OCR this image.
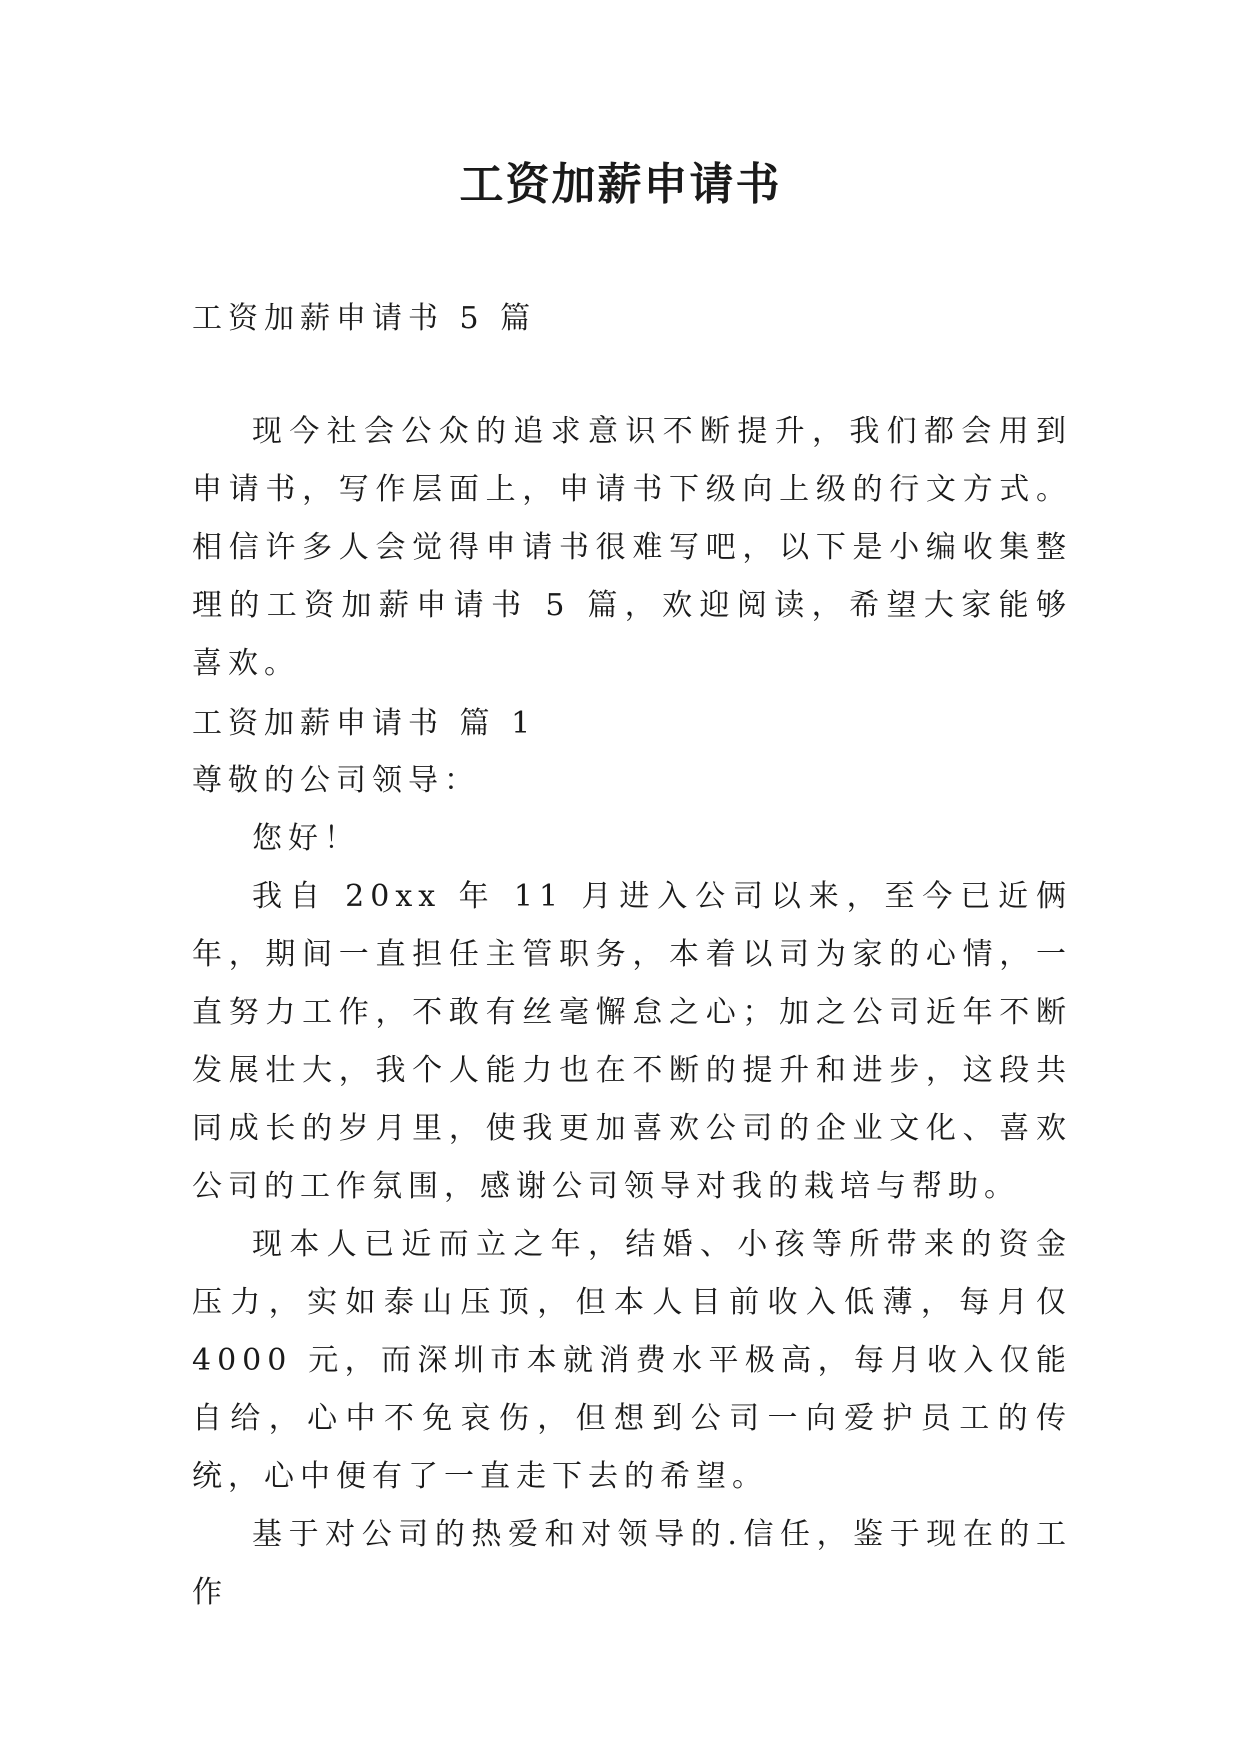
工资加薪申请书

工资加薪申请书 5 篇

现今社会公众的追求意识不断提升，我们都会用到申请书，写作层面上，申请书下级向上级的行文方式。相信许多人会觉得申请书很难写吧，以下是小编收集整理的工资加薪申请书 5 篇，欢迎阅读，希望大家能够喜欢。

工资加薪申请书 篇 1

尊敬的公司领导：

您好！

我自 20xx 年 11 月进入公司以来，至今已近俩年，期间一直担任主管职务，本着以司为家的心情，一直努力工作，不敢有丝毫懈怠之心；加之公司近年不断发展壮大，我个人能力也在不断的提升和进步，这段共同成长的岁月里，使我更加喜欢公司的企业文化、喜欢公司的工作氛围，感谢公司领导对我的栽培与帮助。

现本人已近而立之年，结婚、小孩等所带来的资金压力，实如泰山压顶，但本人目前收入低薄，每月仅 4000 元，而深圳市本就消费水平极高，每月收入仅能自给，心中不免哀伤，但想到公司一向爱护员工的传统，心中便有了一直走下去的希望。

基于对公司的热爱和对领导的.信任，鉴于现在的工作
